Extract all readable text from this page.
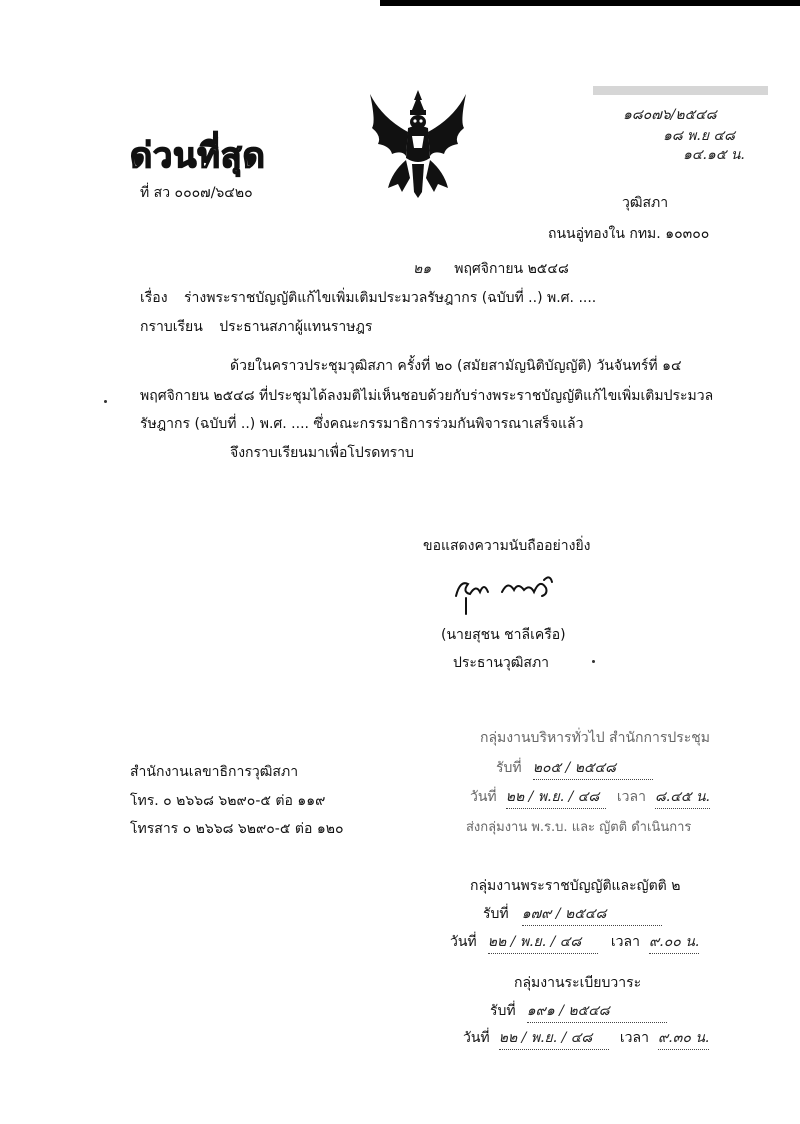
ด่วนที่สุด
ที่ สว ๐๐๐๗/๖๔๒๐
๑๘๐๗๖/๒๕๔๘
๑๘ พ.ย ๔๘
๑๔.๑๕ น.
วุฒิสภา
ถนนอู่ทองใน กทม. ๑๐๓๐๐
๒๑ พฤศจิกายน ๒๕๔๘
เรื่อง ร่างพระราชบัญญัติแก้ไขเพิ่มเติมประมวลรัษฎากร (ฉบับที่ ..) พ.ศ. ....
กราบเรียน ประธานสภาผู้แทนราษฎร
ด้วยในคราวประชุมวุฒิสภา ครั้งที่ ๒๐ (สมัยสามัญนิติบัญญัติ) วันจันทร์ที่ ๑๔
พฤศจิกายน ๒๕๔๘ ที่ประชุมได้ลงมติไม่เห็นชอบด้วยกับร่างพระราชบัญญัติแก้ไขเพิ่มเติมประมวล
รัษฎากร (ฉบับที่ ..) พ.ศ. .... ซึ่งคณะกรรมาธิการร่วมกันพิจารณาเสร็จแล้ว
จึงกราบเรียนมาเพื่อโปรดทราบ
ขอแสดงความนับถืออย่างยิ่ง
(นายสุชน ชาลีเครือ)
ประธานวุฒิสภา
สำนักงานเลขาธิการวุฒิสภา
โทร. ๐ ๒๖๖๘ ๖๒๙๐-๕ ต่อ ๑๑๙
โทรสาร ๐ ๒๖๖๘ ๖๒๙๐-๕ ต่อ ๑๒๐
กลุ่มงานบริหารทั่วไป สำนักการประชุม
รับที่ ๒๐๕ / ๒๕๔๘
วันที่ ๒๒ / พ.ย. / ๔๘ เวลา ๘.๔๕ น.
ส่งกลุ่มงาน พ.ร.บ. และ ญัตติ ดำเนินการ
กลุ่มงานพระราชบัญญัติและญัตติ ๒
รับที่ ๑๗๙ / ๒๕๔๘
วันที่ ๒๒ / พ.ย. / ๔๘ เวลา ๙.๐๐ น.
กลุ่มงานระเบียบวาระ
รับที่ ๑๙๑ / ๒๕๔๘
วันที่ ๒๒ / พ.ย. / ๔๘ เวลา ๙.๓๐ น.
